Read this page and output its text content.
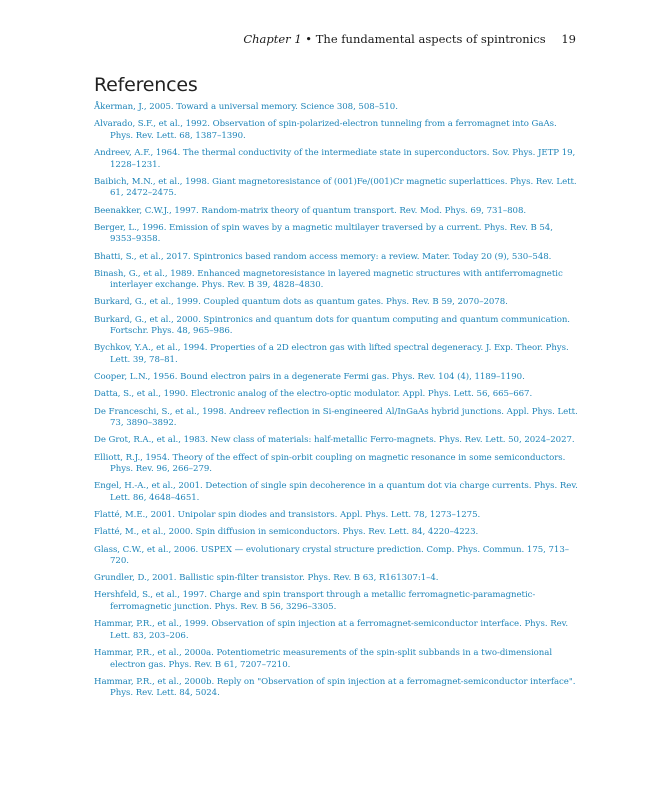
Chapter 1 • The fundamental aspects of spintronics 19
References
Åkerman, J., 2005. Toward a universal memory. Science 308, 508–510.
Alvarado, S.F., et al., 1992. Observation of spin-polarized-electron tunneling from a ferromagnet into GaAs. Phys. Rev. Lett. 68, 1387–1390.
Andreev, A.F., 1964. The thermal conductivity of the intermediate state in superconductors. Sov. Phys. JETP 19, 1228–1231.
Baibich, M.N., et al., 1998. Giant magnetoresistance of (001)Fe/(001)Cr magnetic superlattices. Phys. Rev. Lett. 61, 2472–2475.
Beenakker, C.W.J., 1997. Random-matrix theory of quantum transport. Rev. Mod. Phys. 69, 731–808.
Berger, L., 1996. Emission of spin waves by a magnetic multilayer traversed by a current. Phys. Rev. B 54, 9353–9358.
Bhatti, S., et al., 2017. Spintronics based random access memory: a review. Mater. Today 20 (9), 530–548.
Binash, G., et al., 1989. Enhanced magnetoresistance in layered magnetic structures with antiferromagnetic interlayer exchange. Phys. Rev. B 39, 4828–4830.
Burkard, G., et al., 1999. Coupled quantum dots as quantum gates. Phys. Rev. B 59, 2070–2078.
Burkard, G., et al., 2000. Spintronics and quantum dots for quantum computing and quantum communication. Fortschr. Phys. 48, 965–986.
Bychkov, Y.A., et al., 1994. Properties of a 2D electron gas with lifted spectral degeneracy. J. Exp. Theor. Phys. Lett. 39, 78–81.
Cooper, L.N., 1956. Bound electron pairs in a degenerate Fermi gas. Phys. Rev. 104 (4), 1189–1190.
Datta, S., et al., 1990. Electronic analog of the electro-optic modulator. Appl. Phys. Lett. 56, 665–667.
De Franceschi, S., et al., 1998. Andreev reflection in Si-engineered Al/InGaAs hybrid junctions. Appl. Phys. Lett. 73, 3890–3892.
De Grot, R.A., et al., 1983. New class of materials: half-metallic Ferro-magnets. Phys. Rev. Lett. 50, 2024–2027.
Elliott, R.J., 1954. Theory of the effect of spin-orbit coupling on magnetic resonance in some semiconductors. Phys. Rev. 96, 266–279.
Engel, H.-A., et al., 2001. Detection of single spin decoherence in a quantum dot via charge currents. Phys. Rev. Lett. 86, 4648–4651.
Flatté, M.E., 2001. Unipolar spin diodes and transistors. Appl. Phys. Lett. 78, 1273–1275.
Flatté, M., et al., 2000. Spin diffusion in semiconductors. Phys. Rev. Lett. 84, 4220–4223.
Glass, C.W., et al., 2006. USPEX — evolutionary crystal structure prediction. Comp. Phys. Commun. 175, 713–720.
Grundler, D., 2001. Ballistic spin-filter transistor. Phys. Rev. B 63, R161307:1–4.
Hershfeld, S., et al., 1997. Charge and spin transport through a metallic ferromagnetic-paramagnetic-ferromagnetic junction. Phys. Rev. B 56, 3296–3305.
Hammar, P.R., et al., 1999. Observation of spin injection at a ferromagnet-semiconductor interface. Phys. Rev. Lett. 83, 203–206.
Hammar, P.R., et al., 2000a. Potentiometric measurements of the spin-split subbands in a two-dimensional electron gas. Phys. Rev. B 61, 7207–7210.
Hammar, P.R., et al., 2000b. Reply on "Observation of spin injection at a ferromagnet-semiconductor interface". Phys. Rev. Lett. 84, 5024.
